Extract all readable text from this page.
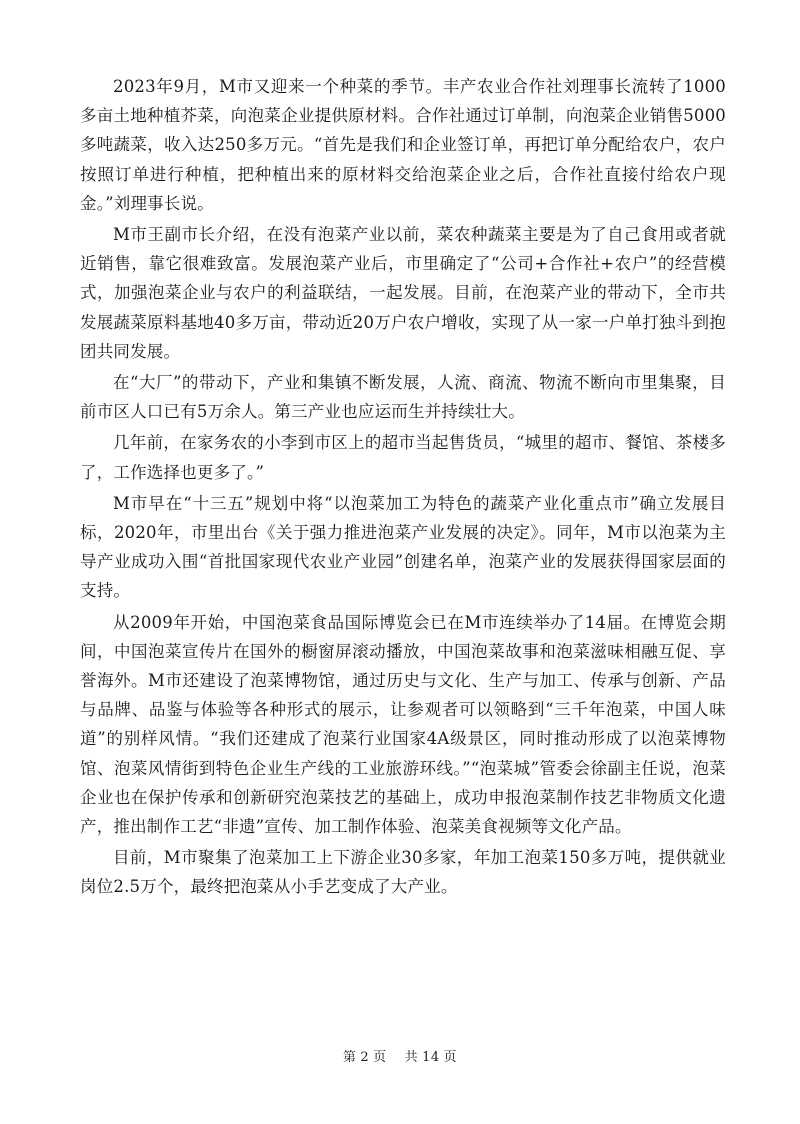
2023年9月，M市又迎来一个种菜的季节。丰产农业合作社刘理事长流转了1000多亩土地种植芥菜，向泡菜企业提供原材料。合作社通过订单制，向泡菜企业销售5000多吨蔬菜，收入达250多万元。“首先是我们和企业签订单，再把订单分配给农户，农户按照订单进行种植，把种植出来的原材料交给泡菜企业之后，合作社直接付给农户现金。”刘理事长说。

M市王副市长介绍，在没有泡菜产业以前，菜农种蔬菜主要是为了自己食用或者就近销售，靠它很难致富。发展泡菜产业后，市里确定了“公司+合作社+农户”的经营模式，加强泡菜企业与农户的利益联结，一起发展。目前，在泡菜产业的带动下，全市共发展蔬菜原料基地40多万亩，带动近20万户农户增收，实现了从一家一户单打独斗到抱团共同发展。

在“大厂”的带动下，产业和集镇不断发展，人流、商流、物流不断向市里集聚，目前市区人口已有5万余人。第三产业也应运而生并持续壮大。

几年前，在家务农的小李到市区上的超市当起售货员，“城里的超市、餐馆、茶楼多了，工作选择也更多了。”

M市早在“十三五”规划中将“以泡菜加工为特色的蔬菜产业化重点市”确立发展目标，2020年，市里出台《关于强力推进泡菜产业发展的决定》。同年，M市以泡菜为主导产业成功入围“首批国家现代农业产业园”创建名单，泡菜产业的发展获得国家层面的支持。

从2009年开始，中国泡菜食品国际博览会已在M市连续举办了14届。在博览会期间，中国泡菜宣传片在国外的橱窗屏滚动播放，中国泡菜故事和泡菜滋味相融互促、享誉海外。M市还建设了泡菜博物馆，通过历史与文化、生产与加工、传承与创新、产品与品牌、品鉴与体验等各种形式的展示，让参观者可以领略到“三千年泡菜，中国人味道”的别样风情。“我们还建成了泡菜行业国家4A级景区，同时推动形成了以泡菜博物馆、泡菜风情街到特色企业生产线的工业旅游环线。”“泡菜城”管委会徐副主任说，泡菜企业也在保护传承和创新研究泡菜技艺的基础上，成功申报泡菜制作技艺非物质文化遗产，推出制作工艺“非遗”宣传、加工制作体验、泡菜美食视频等文化产品。

目前，M市聚集了泡菜加工上下游企业30多家，年加工泡菜150多万吨，提供就业岗位2.5万个，最终把泡菜从小手艺变成了大产业。

第 2 页 共 14 页
